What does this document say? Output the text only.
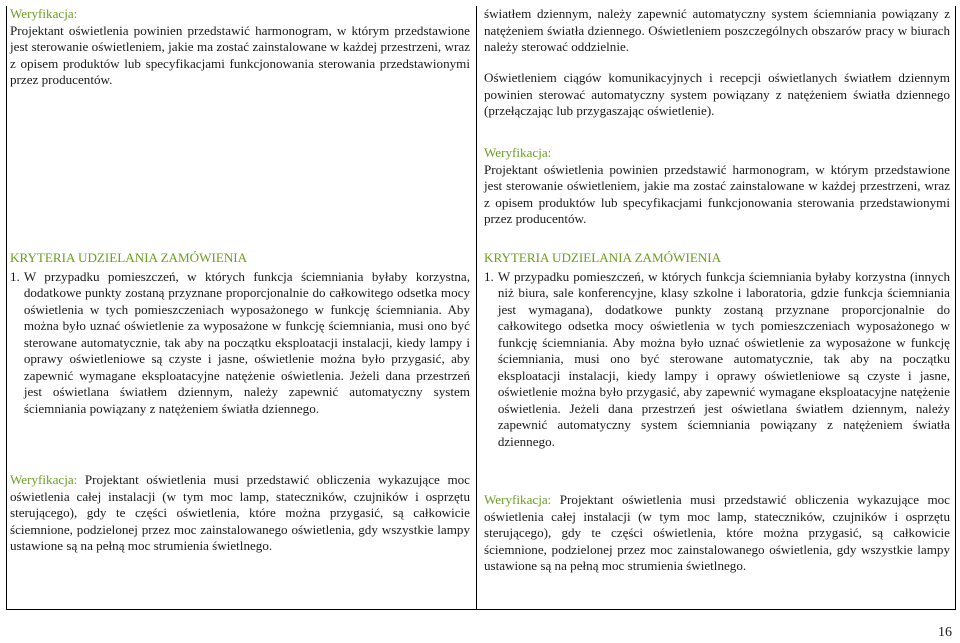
Weryfikacja:

Projektant oświetlenia powinien przedstawić harmonogram, w którym przedstawione jest sterowanie oświetleniem, jakie ma zostać zainstalowane w każdej przestrzeni, wraz z opisem produktów lub specyfikacjami funkcjonowania sterowania przedstawionymi przez producentów.

KRYTERIA UDZIELANIA ZAMÓWIENIA

1. W przypadku pomieszczeń, w których funkcja ściemniania byłaby korzystna, dodatkowe punkty zostaną przyznane proporcjonalnie do całkowitego odsetka mocy oświetlenia w tych pomieszczeniach wyposażonego w funkcję ściemniania. Aby można było uznać oświetlenie za wyposażone w funkcję ściemniania, musi ono być sterowane automatycznie, tak aby na początku eksploatacji instalacji, kiedy lampy i oprawy oświetleniowe są czyste i jasne, oświetlenie można było przygasić, aby zapewnić wymagane eksploatacyjne natężenie oświetlenia. Jeżeli dana przestrzeń jest oświetlana światłem dziennym, należy zapewnić automatyczny system ściemniania powiązany z natężeniem światła dziennego.

Weryfikacja: Projektant oświetlenia musi przedstawić obliczenia wykazujące moc oświetlenia całej instalacji (w tym moc lamp, stateczników, czujników i osprzętu sterującego), gdy te części oświetlenia, które można przygasić, są całkowicie ściemnione, podzielonej przez moc zainstalowanego oświetlenia, gdy wszystkie lampy ustawione są na pełną moc strumienia świetlnego.

światłem dziennym, należy zapewnić automatyczny system ściemniania powiązany z natężeniem światła dziennego. Oświetleniem poszczególnych obszarów pracy w biurach należy sterować oddzielnie.

Oświetleniem ciągów komunikacyjnych i recepcji oświetlanych światłem dziennym powinien sterować automatyczny system powiązany z natężeniem światła dziennego (przełączając lub przygaszając oświetlenie).

Weryfikacja:

Projektant oświetlenia powinien przedstawić harmonogram, w którym przedstawione jest sterowanie oświetleniem, jakie ma zostać zainstalowane w każdej przestrzeni, wraz z opisem produktów lub specyfikacjami funkcjonowania sterowania przedstawionymi przez producentów.

KRYTERIA UDZIELANIA ZAMÓWIENIA

1. W przypadku pomieszczeń, w których funkcja ściemniania byłaby korzystna (innych niż biura, sale konferencyjne, klasy szkolne i laboratoria, gdzie funkcja ściemniania jest wymagana), dodatkowe punkty zostaną przyznane proporcjonalnie do całkowitego odsetka mocy oświetlenia w tych pomieszczeniach wyposażonego w funkcję ściemniania. Aby można było uznać oświetlenie za wyposażone w funkcję ściemniania, musi ono być sterowane automatycznie, tak aby na początku eksploatacji instalacji, kiedy lampy i oprawy oświetleniowe są czyste i jasne, oświetlenie można było przygasić, aby zapewnić wymagane eksploatacyjne natężenie oświetlenia. Jeżeli dana przestrzeń jest oświetlana światłem dziennym, należy zapewnić automatyczny system ściemniania powiązany z natężeniem światła dziennego.

Weryfikacja: Projektant oświetlenia musi przedstawić obliczenia wykazujące moc oświetlenia całej instalacji (w tym moc lamp, stateczników, czujników i osprzętu sterującego), gdy te części oświetlenia, które można przygasić, są całkowicie ściemnione, podzielonej przez moc zainstalowanego oświetlenia, gdy wszystkie lampy ustawione są na pełną moc strumienia świetlnego.

16
